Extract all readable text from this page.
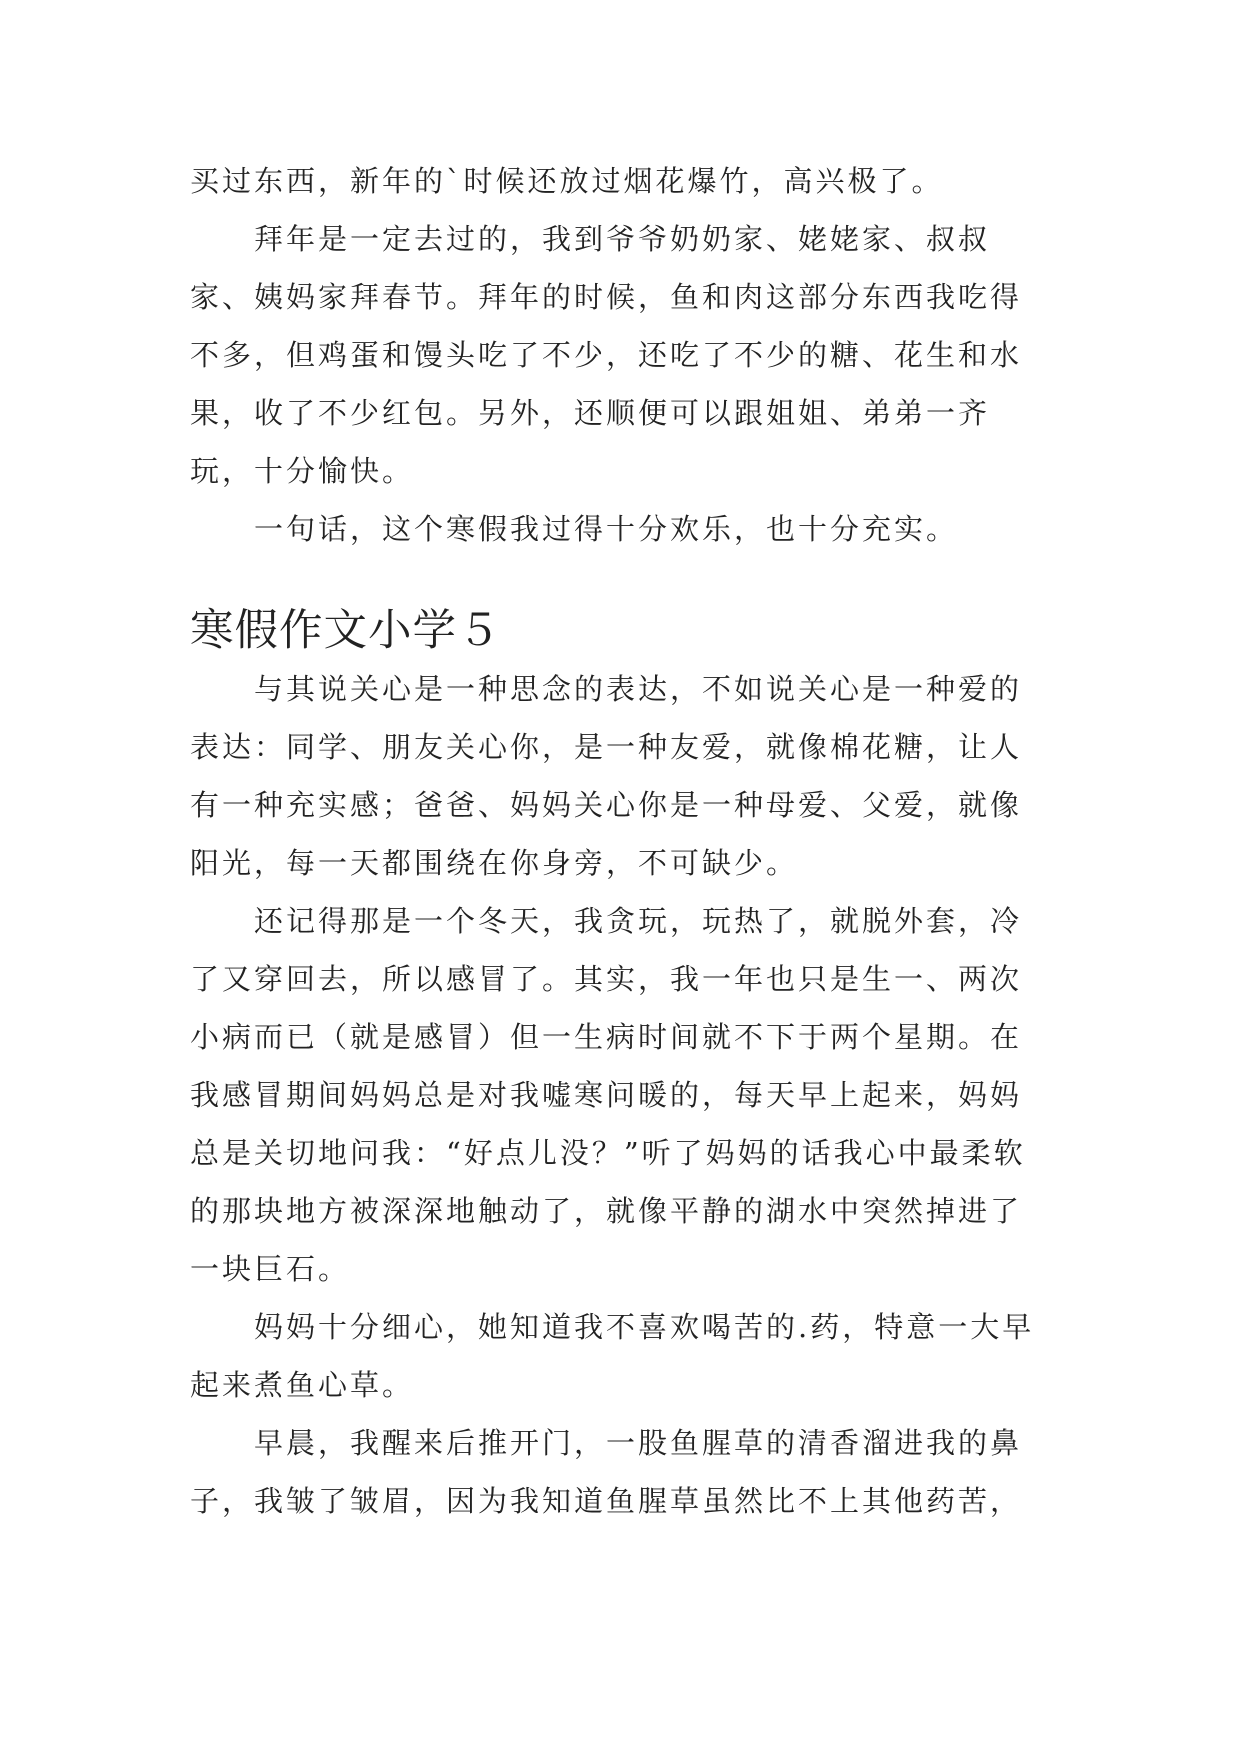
买过东西，新年的`时候还放过烟花爆竹，高兴极了。

拜年是一定去过的，我到爷爷奶奶家、姥姥家、叔叔家、姨妈家拜春节。拜年的时候，鱼和肉这部分东西我吃得不多，但鸡蛋和馒头吃了不少，还吃了不少的糖、花生和水果，收了不少红包。另外，还顺便可以跟姐姐、弟弟一齐玩，十分愉快。

一句话，这个寒假我过得十分欢乐，也十分充实。

寒假作文小学５

与其说关心是一种思念的表达，不如说关心是一种爱的表达：同学、朋友关心你，是一种友爱，就像棉花糖，让人有一种充实感；爸爸、妈妈关心你是一种母爱、父爱，就像阳光，每一天都围绕在你身旁，不可缺少。

还记得那是一个冬天，我贪玩，玩热了，就脱外套，冷了又穿回去，所以感冒了。其实，我一年也只是生一、两次小病而已（就是感冒）但一生病时间就不下于两个星期。在我感冒期间妈妈总是对我嘘寒问暖的，每天早上起来，妈妈总是关切地问我：“好点儿没？”听了妈妈的话我心中最柔软的那块地方被深深地触动了，就像平静的湖水中突然掉进了一块巨石。

妈妈十分细心，她知道我不喜欢喝苦的.药，特意一大早起来煮鱼心草。

早晨，我醒来后推开门，一股鱼腥草的清香溜进我的鼻子，我皱了皱眉，因为我知道鱼腥草虽然比不上其他药苦，
